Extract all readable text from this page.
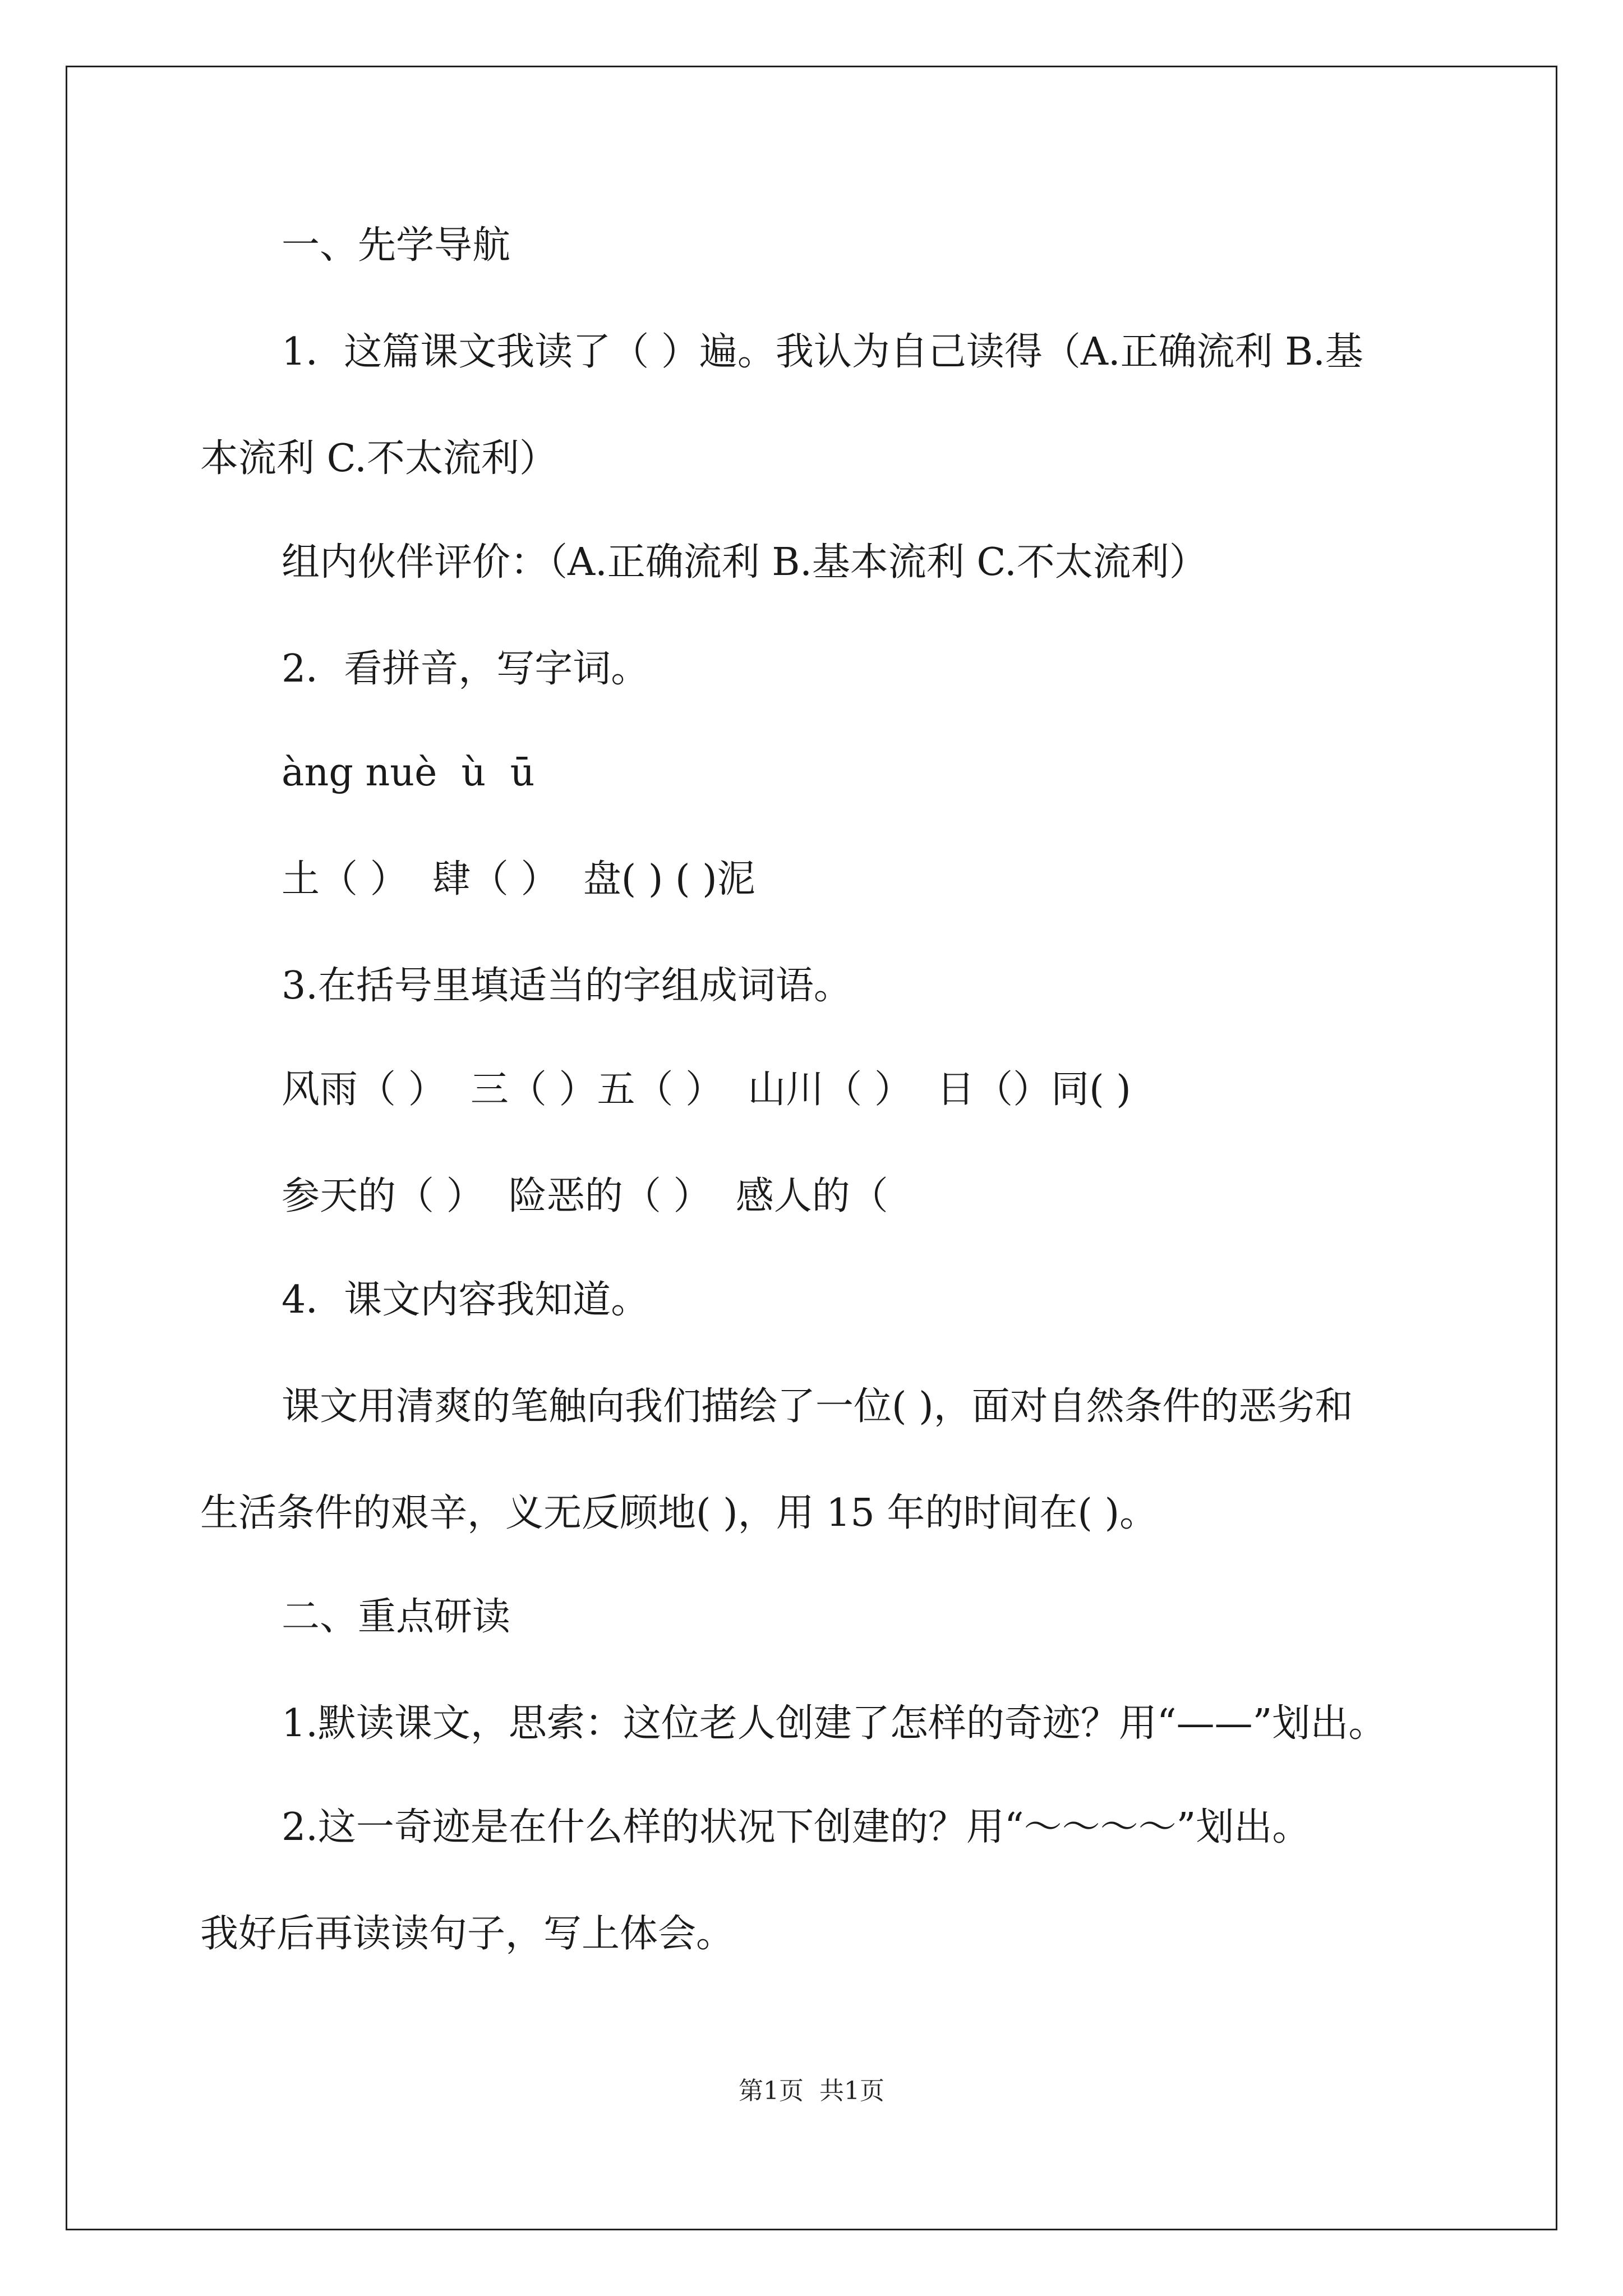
一、先学导航
1．这篇课文我读了（ ）遍。我认为自己读得（A.正确流利 B.基
本流利 C.不太流利）
组内伙伴评价：（A.正确流利 B.基本流利 C.不太流利）
2．看拼音，写字词。
àng nuè  ù  ū
土（ ）  肆（ ）  盘( ) ( )泥
3.在括号里填适当的字组成词语。
风雨（ ）  三（ ）五（ ）  山川（ ）  日（）同( )
参天的（ ）  险恶的（ ）  感人的（
4．课文内容我知道。
课文用清爽的笔触向我们描绘了一位( )，面对自然条件的恶劣和
生活条件的艰辛，义无反顾地( )，用 15 年的时间在( )。
二、重点研读
1.默读课文，思索：这位老人创建了怎样的奇迹？用“——”划出。
2.这一奇迹是在什么样的状况下创建的？用“～～～～”划出。
我好后再读读句子，写上体会。
第1页  共1页
